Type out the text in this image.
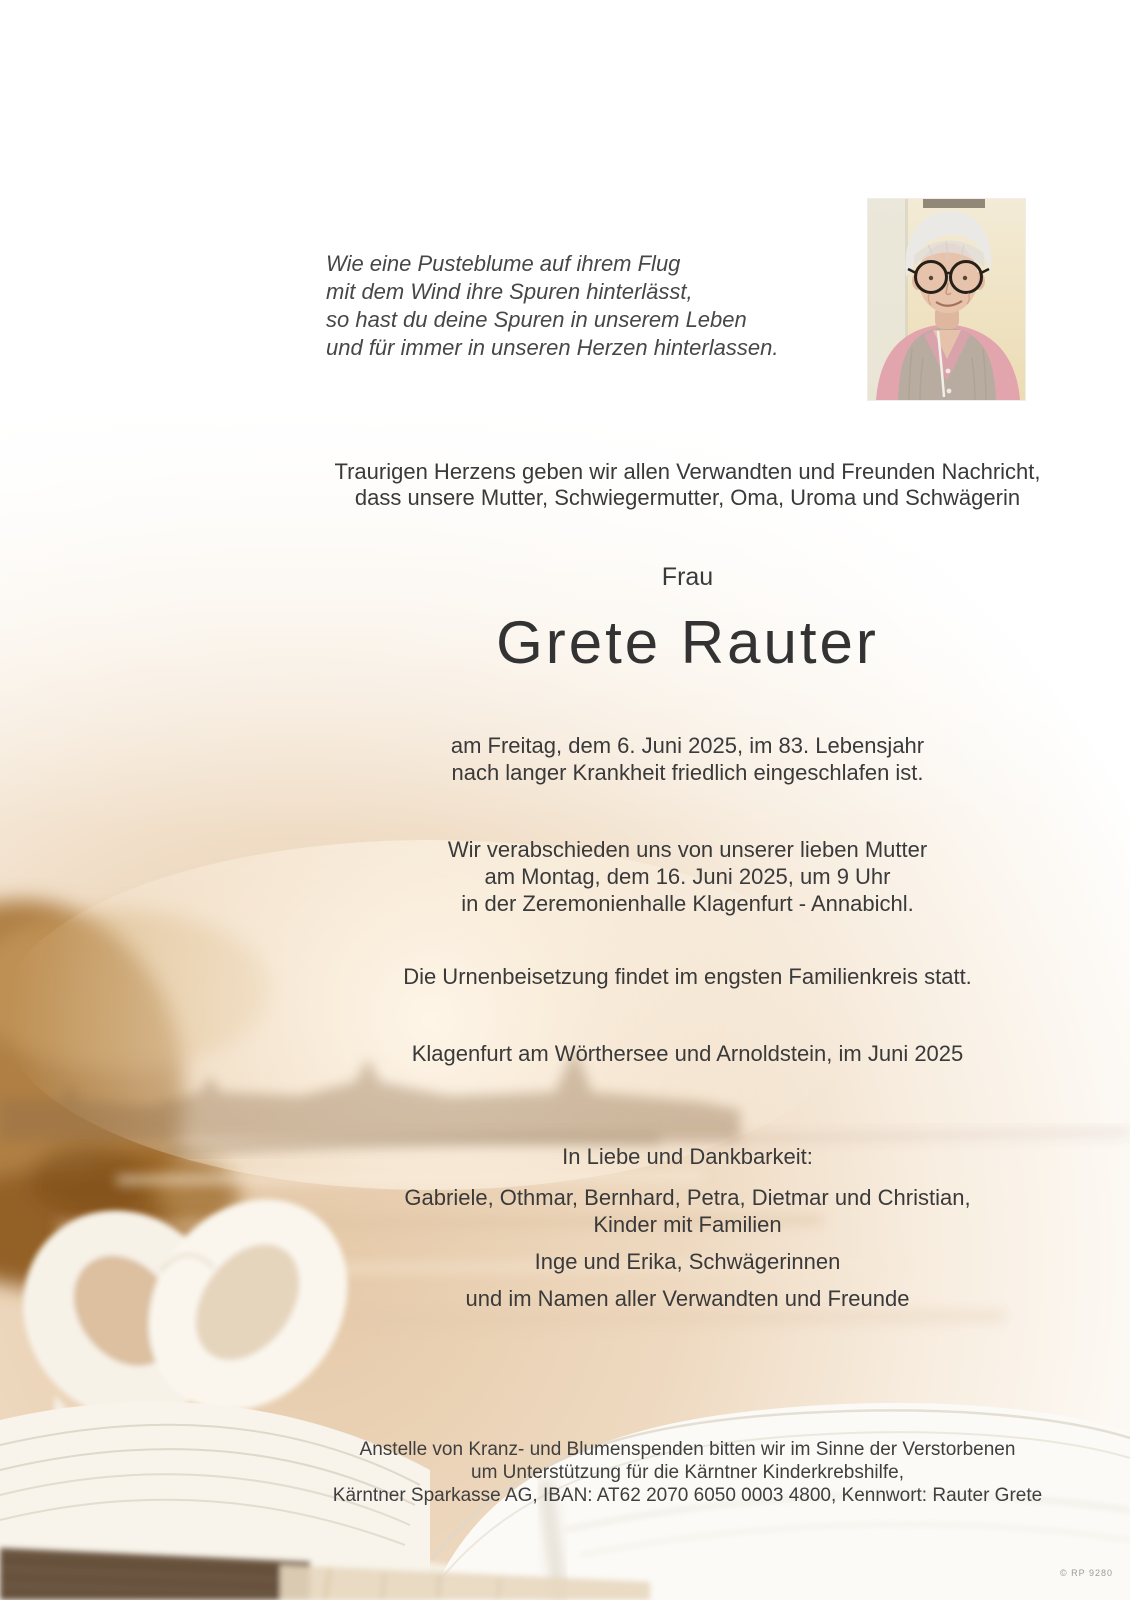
Wie eine Pusteblume auf ihrem Flug
mit dem Wind ihre Spuren hinterlässt,
so hast du deine Spuren in unserem Leben
und für immer in unseren Herzen hinterlassen.
Traurigen Herzens geben wir allen Verwandten und Freunden Nachricht,
dass unsere Mutter, Schwiegermutter, Oma, Uroma und Schwägerin
Frau
Grete Rauter
am Freitag, dem 6. Juni 2025, im 83. Lebensjahr
nach langer Krankheit friedlich eingeschlafen ist.
Wir verabschieden uns von unserer lieben Mutter
am Montag, dem 16. Juni 2025, um 9 Uhr
in der Zeremonienhalle Klagenfurt - Annabichl.
Die Urnenbeisetzung findet im engsten Familienkreis statt.
Klagenfurt am Wörthersee und Arnoldstein, im Juni 2025
In Liebe und Dankbarkeit:
Gabriele, Othmar, Bernhard, Petra, Dietmar und Christian,
Kinder mit Familien
Inge und Erika, Schwägerinnen
und im Namen aller Verwandten und Freunde
Anstelle von Kranz- und Blumenspenden bitten wir im Sinne der Verstorbenen
um Unterstützung für die Kärntner Kinderkrebshilfe,
Kärntner Sparkasse AG, IBAN: AT62 2070 6050 0003 4800, Kennwort: Rauter Grete
© RP 9280
